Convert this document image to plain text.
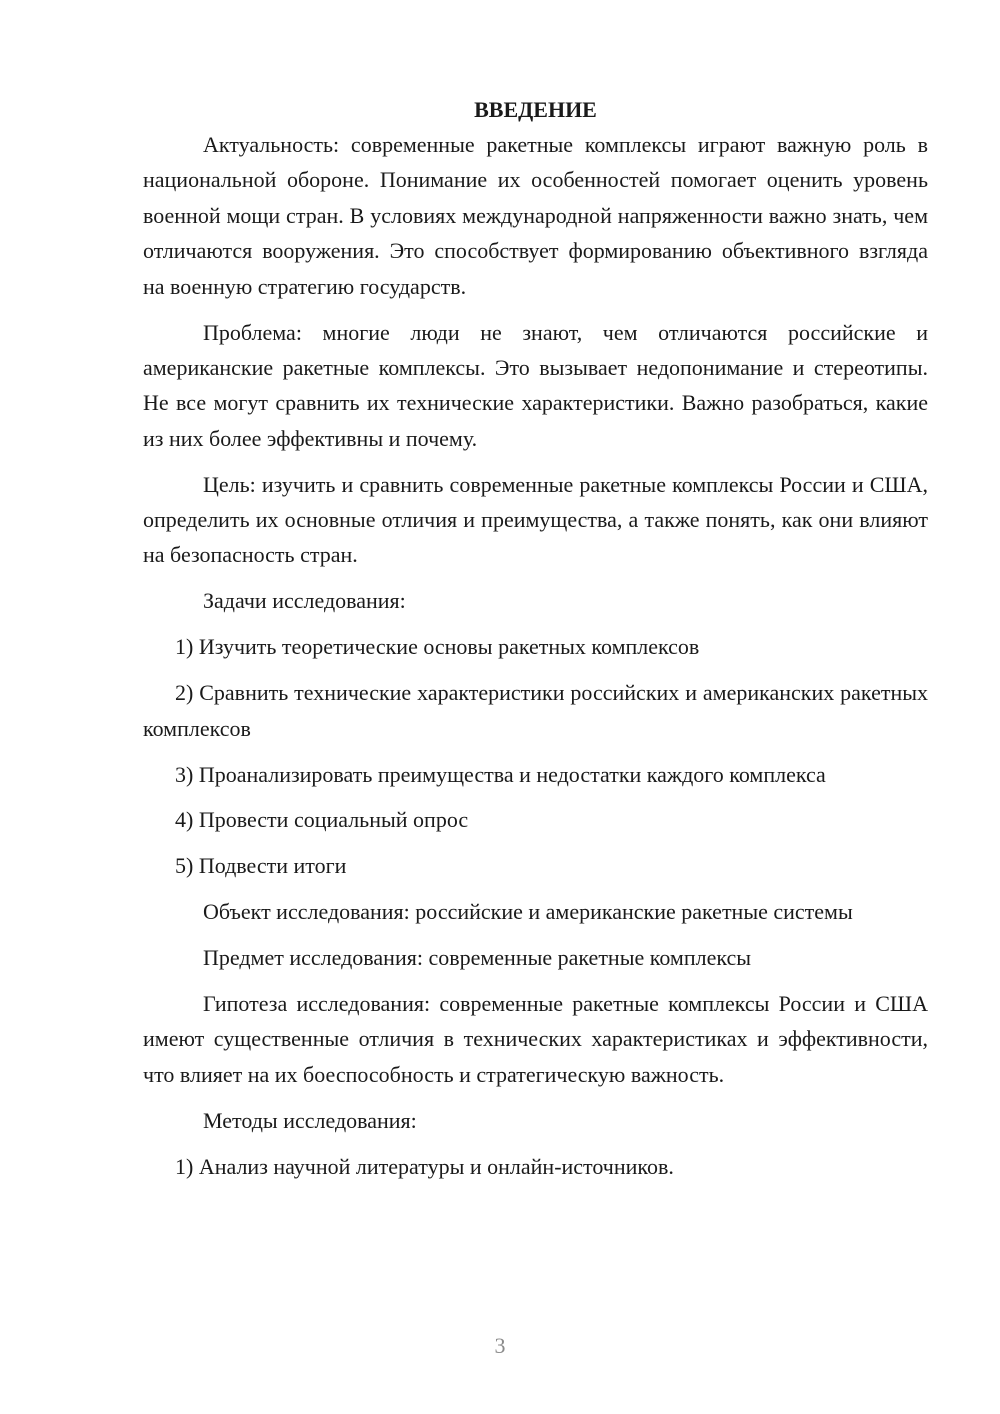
ВВЕДЕНИЕ

Актуальность: современные ракетные комплексы играют важную роль в национальной обороне. Понимание их особенностей помогает оценить уровень военной мощи стран. В условиях международной напряженности важно знать, чем отличаются вооружения. Это способствует формированию объективного взгляда на военную стратегию государств.

Проблема: многие люди не знают, чем отличаются российские и американские ракетные комплексы. Это вызывает недопонимание и стереотипы. Не все могут сравнить их технические характеристики. Важно разобраться, какие из них более эффективны и почему.

Цель: изучить и сравнить современные ракетные комплексы России и США, определить их основные отличия и преимущества, а также понять, как они влияют на безопасность стран.

Задачи исследования:

1) Изучить теоретические основы ракетных комплексов

2) Сравнить технические характеристики российских и американских ракетных комплексов

3) Проанализировать преимущества и недостатки каждого комплекса

4) Провести социальный опрос

5) Подвести итоги

Объект исследования: российские и американские ракетные системы

Предмет исследования: современные ракетные комплексы

Гипотеза исследования: современные ракетные комплексы России и США имеют существенные отличия в технических характеристиках и эффективности, что влияет на их боеспособность и стратегическую важность.

Методы исследования:

1) Анализ научной литературы и онлайн-источников.

3
